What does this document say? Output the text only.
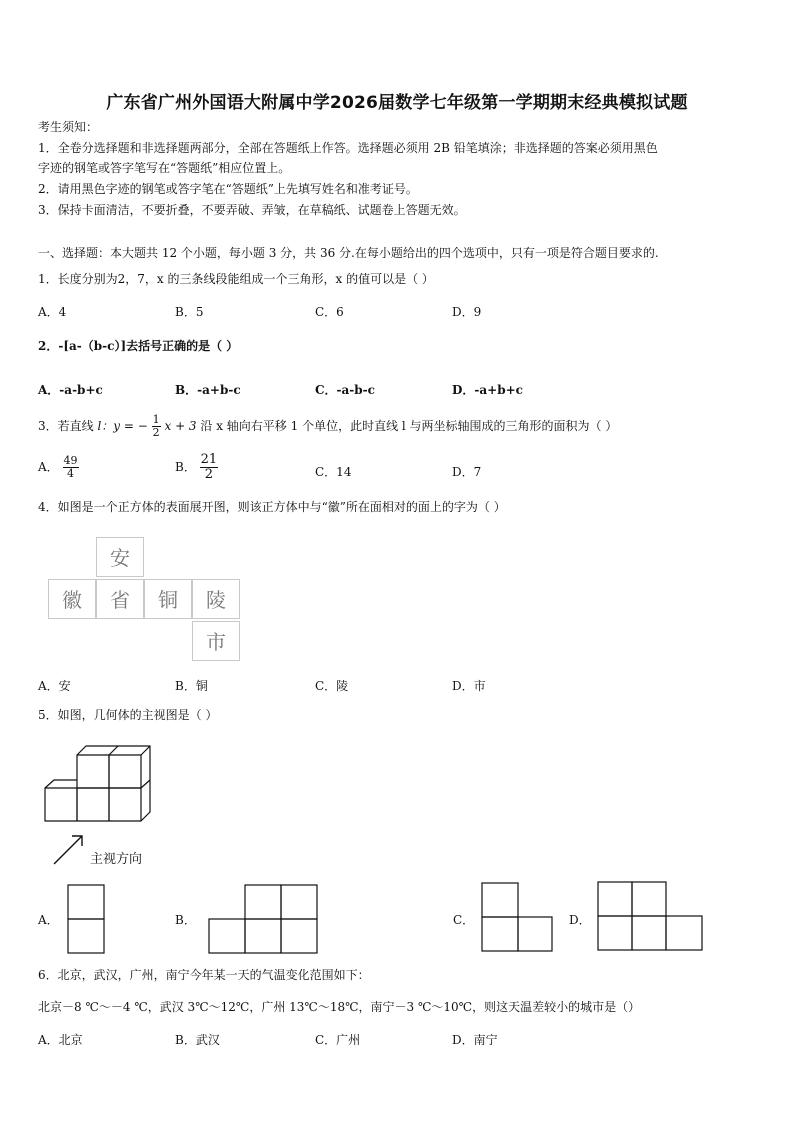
广东省广州外国语大附属中学2026届数学七年级第一学期期末经典模拟试题
考生须知：
1．全卷分选择题和非选择题两部分，全部在答题纸上作答。选择题必须用 2B 铅笔填涂；非选择题的答案必须用黑色
字迹的钢笔或答字笔写在“答题纸”相应位置上。
2．请用黑色字迹的钢笔或答字笔在“答题纸”上先填写姓名和准考证号。
3．保持卡面清洁，不要折叠，不要弄破、弄皱，在草稿纸、试题卷上答题无效。
一、选择题：本大题共 12 个小题，每小题 3 分，共 36 分.在每小题给出的四个选项中，只有一项是符合题目要求的.
1．长度分别为2，7，x 的三条线段能组成一个三角形，x 的值可以是（ ）
A．4	B．5	C．6	D．9
2．-[a-（b-c）]去括号正确的是（ ）
A．-a-b+c	B．-a+b-c	C．-a-b-c	D．-a+b+c
3．若直线 l：y = − $\frac{1}{2}$ x + 3 沿 x 轴向右平移 1 个单位，此时直线 l 与两坐标轴围成的三角形的面积为（ ）
A． $\frac{49}{4}$	B． $\frac{21}{2}$	C．14	D．7
4．如图是一个正方体的表面展开图，则该正方体中与“徽”所在面相对的面上的字为（ ）
安
徽	省	铜	陵
市
A．安	B．铜	C．陵	D．市
5．如图，几何体的主视图是（ ）
主视方向
A．	B．	C．	D．
6．北京，武汉，广州，南宁今年某一天的气温变化范围如下：
北京－8 ℃～－4 ℃，武汉 3℃～12℃，广州 13℃～18℃，南宁－3 ℃～10℃，则这天温差较小的城市是（）
A．北京	B．武汉	C．广州	D．南宁
